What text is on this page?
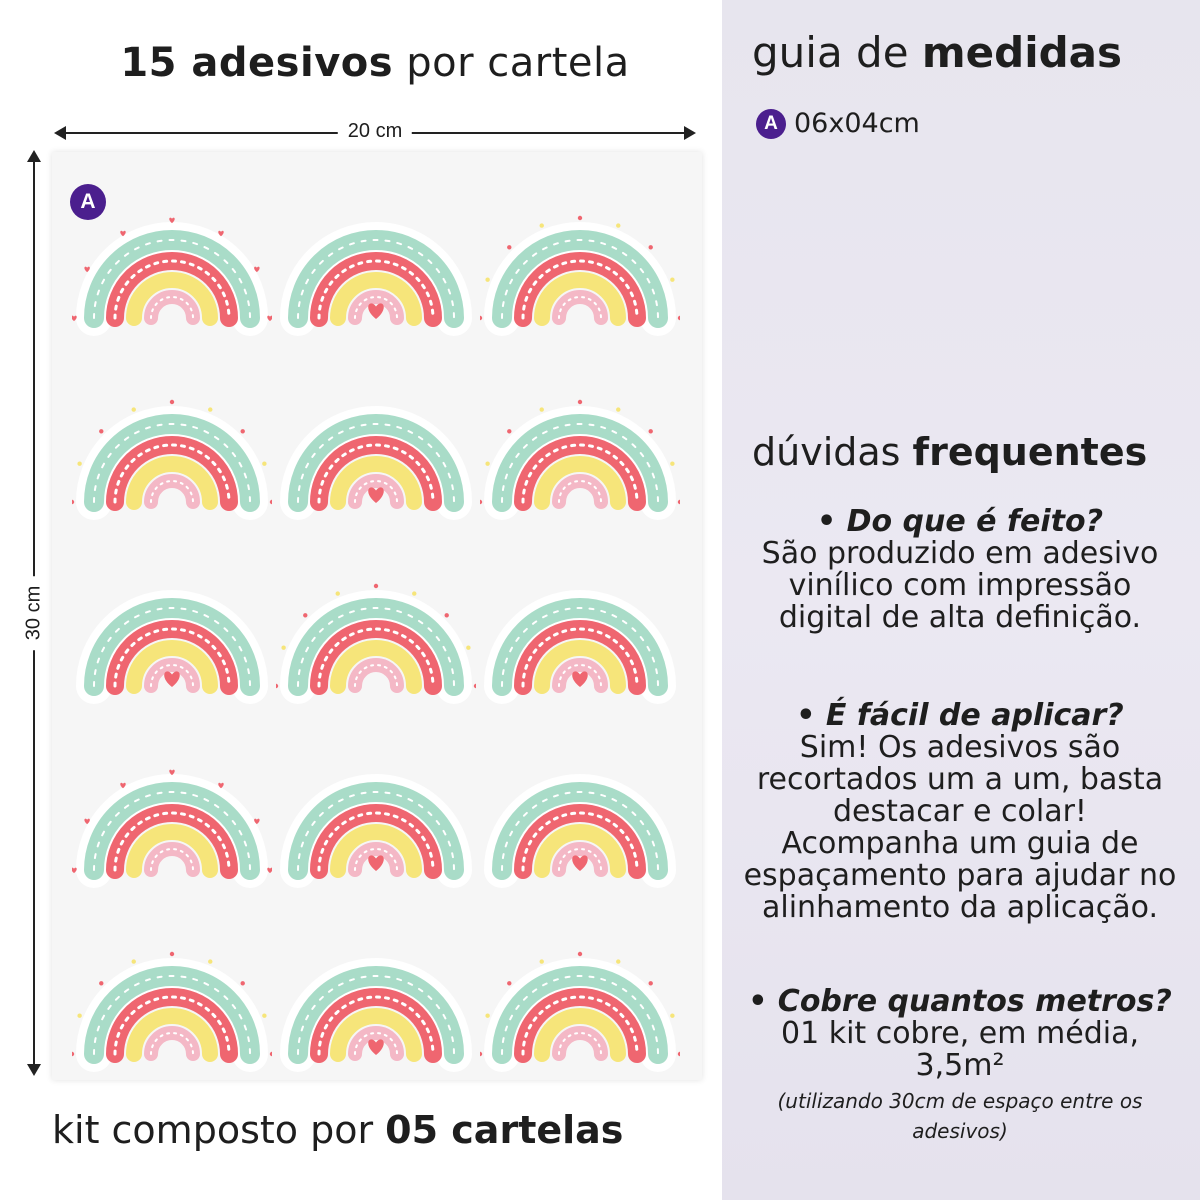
15 adesivos por cartela
20 cm
30 cm
A
kit composto por 05 cartelas
guia de medidas
A 06x04cm
dúvidas frequentes
• Do que é feito?
São produzido em adesivo vinílico com impressão digital de alta definição.
• É fácil de aplicar?
Sim! Os adesivos são recortados um a um, basta destacar e colar! Acompanha um guia de espaçamento para ajudar no alinhamento da aplicação.
• Cobre quantos metros?
01 kit cobre, em média, 3,5m²
(utilizando 30cm de espaço entre os adesivos)
